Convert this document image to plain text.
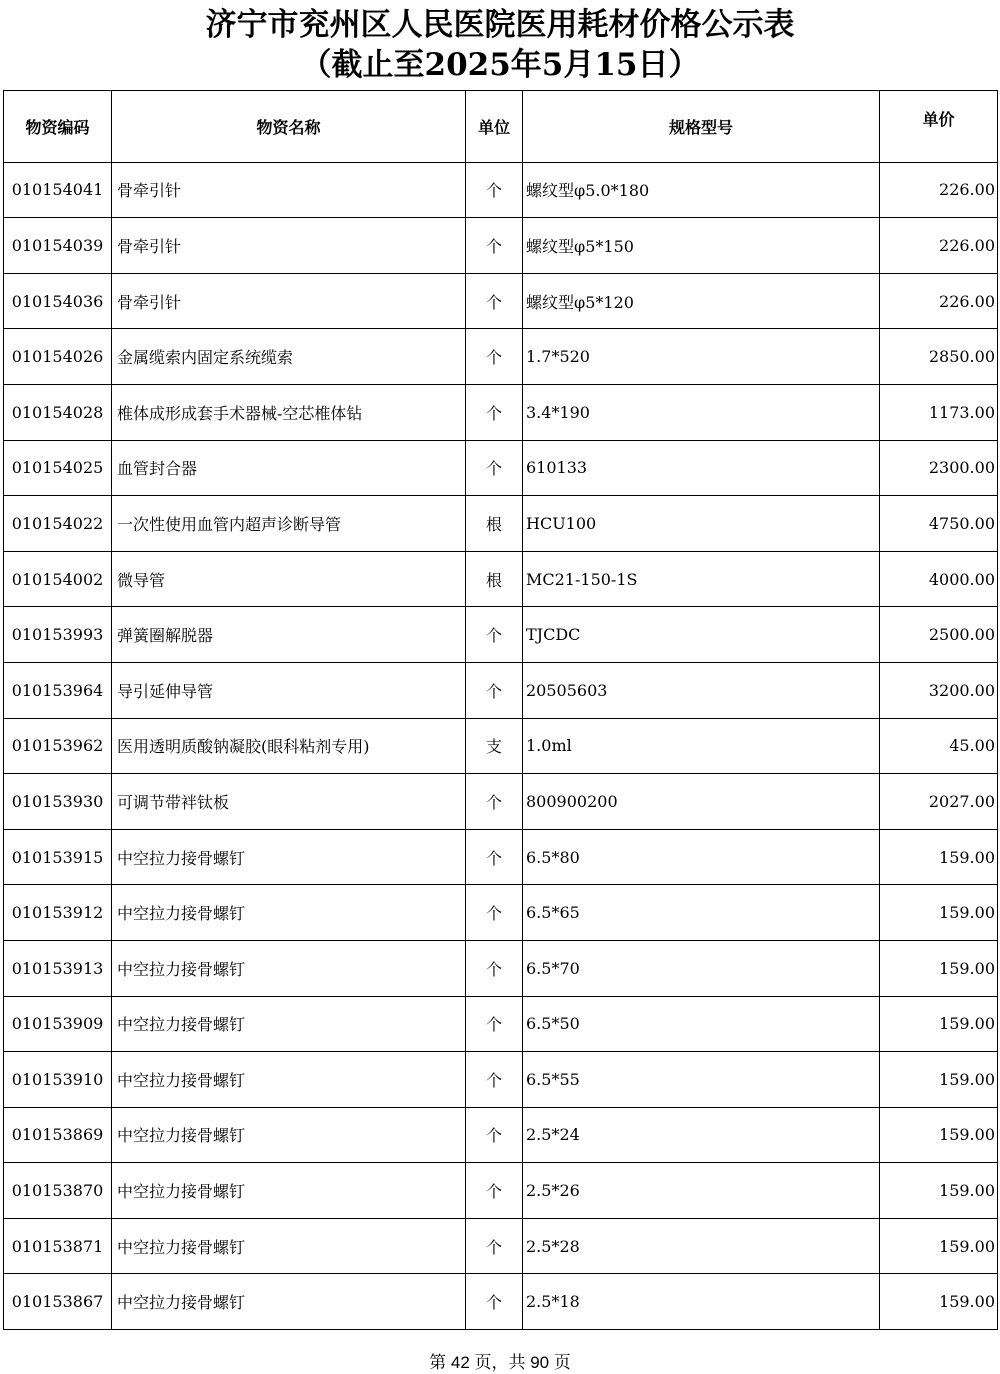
济宁市兖州区人民医院医用耗材价格公示表
（截止至2025年5月15日）
物资编码	物资名称	单位	规格型号	单价
010154041	骨牵引针	个	螺纹型φ5.0*180	226.00
010154039	骨牵引针	个	螺纹型φ5*150	226.00
010154036	骨牵引针	个	螺纹型φ5*120	226.00
010154026	金属缆索内固定系统缆索	个	1.7*520	2850.00
010154028	椎体成形成套手术器械-空芯椎体钻	个	3.4*190	1173.00
010154025	血管封合器	个	610133	2300.00
010154022	一次性使用血管内超声诊断导管	根	HCU100	4750.00
010154002	微导管	根	MC21-150-1S	4000.00
010153993	弹簧圈解脱器	个	TJCDC	2500.00
010153964	导引延伸导管	个	20505603	3200.00
010153962	医用透明质酸钠凝胶(眼科粘剂专用)	支	1.0ml	45.00
010153930	可调节带袢钛板	个	800900200	2027.00
010153915	中空拉力接骨螺钉	个	6.5*80	159.00
010153912	中空拉力接骨螺钉	个	6.5*65	159.00
010153913	中空拉力接骨螺钉	个	6.5*70	159.00
010153909	中空拉力接骨螺钉	个	6.5*50	159.00
010153910	中空拉力接骨螺钉	个	6.5*55	159.00
010153869	中空拉力接骨螺钉	个	2.5*24	159.00
010153870	中空拉力接骨螺钉	个	2.5*26	159.00
010153871	中空拉力接骨螺钉	个	2.5*28	159.00
010153867	中空拉力接骨螺钉	个	2.5*18	159.00
第 42 页，共 90 页
